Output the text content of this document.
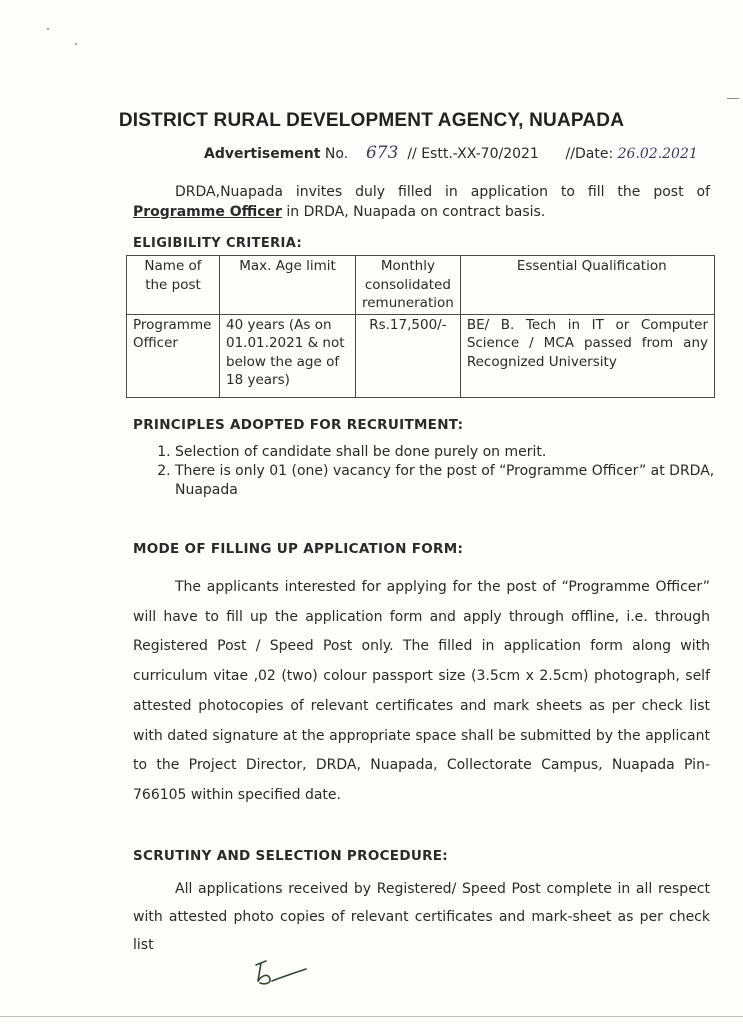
DISTRICT RURAL DEVELOPMENT AGENCY, NUAPADA
Advertisement No. 673 // Estt.-XX-70/2021 //Date: 26.02.2021
DRDA,Nuapada invites duly filled in application to fill the post of Programme Officer in DRDA, Nuapada on contract basis.
ELIGIBILITY CRITERIA:
Name of the post	Max. Age limit	Monthly consolidated remuneration	Essential Qualification
Programme Officer	40 years (As on 01.01.2021 & not below the age of 18 years)	Rs.17,500/-	BE/ B. Tech in IT or Computer Science / MCA passed from any Recognized University
PRINCIPLES ADOPTED FOR RECRUITMENT:
1. Selection of candidate shall be done purely on merit.
2. There is only 01 (one) vacancy for the post of “Programme Officer” at DRDA, Nuapada
MODE OF FILLING UP APPLICATION FORM:
The applicants interested for applying for the post of “Programme Officer” will have to fill up the application form and apply through offline, i.e. through Registered Post / Speed Post only. The filled in application form along with curriculum vitae ,02 (two) colour passport size (3.5cm x 2.5cm) photograph, self attested photocopies of relevant certificates and mark sheets as per check list with dated signature at the appropriate space shall be submitted by the applicant to the Project Director, DRDA, Nuapada, Collectorate Campus, Nuapada Pin-766105 within specified date.
SCRUTINY AND SELECTION PROCEDURE:
All applications received by Registered/ Speed Post complete in all respect with attested photo copies of relevant certificates and mark-sheet as per check list
